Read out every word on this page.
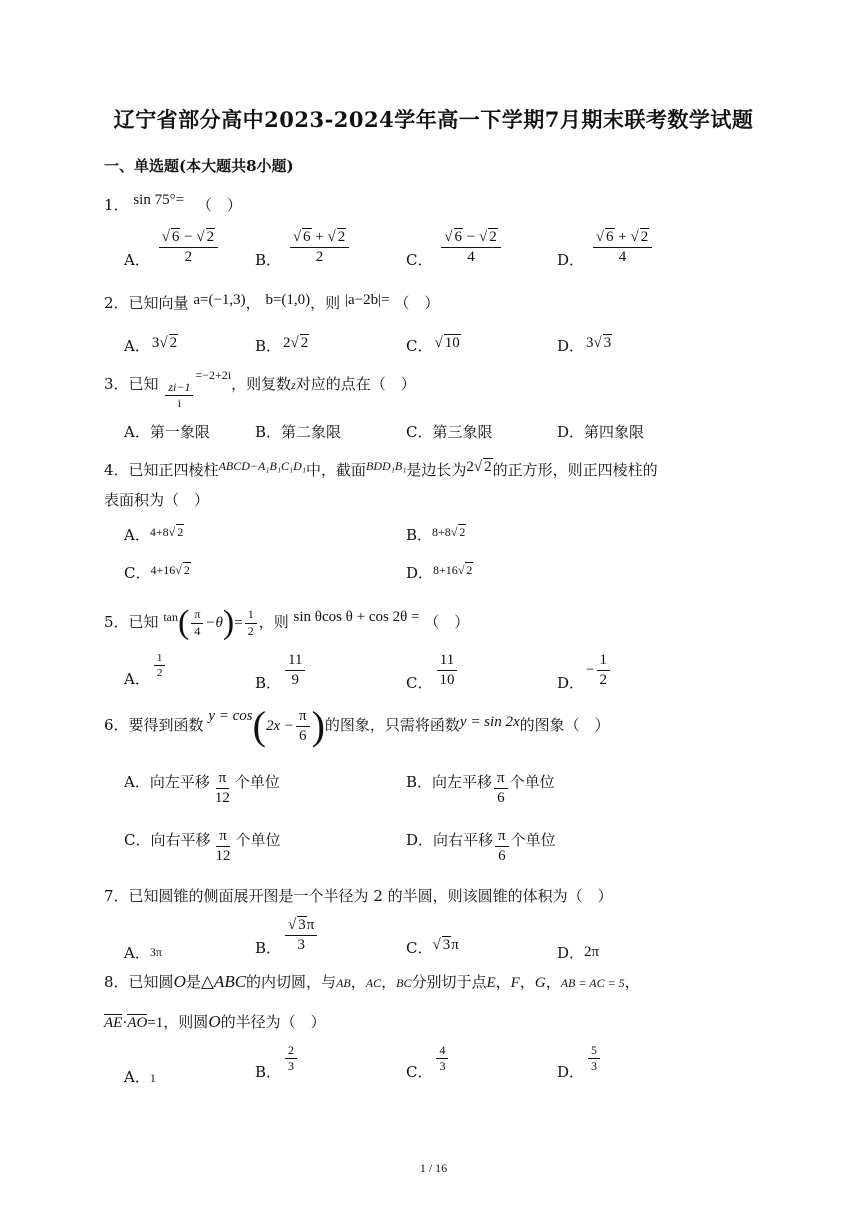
辽宁省部分高中2023-2024学年高一下学期7月期末联考数学试题
一、单选题(本大题共8小题)
1． sin 75°= （　）
A． $\frac{√ 6 - √ 2}{2}$ B． $\frac{√ 6 + √ 2}{2}$	C． $\frac{√ 6 - √ 2}{4}$	D． $\frac{√ 6 + √ 2}{4}$
2．已知向量 a=(−1,3)， b=(1,0)，则 |a−2b|= （　）
A． 3√ 2	B． 2√ 2	C． √ 10	D． 3√ 3
3．已知 $\frac{zi-1}{i}$
$^{=-2+2i}$，则复数z对应的点在（　）
A．第一象限	B．第二象限	C．第三象限	D．第四象限
4．已知正四棱柱$^{ABCD-A_1B_1C_1D_1}$中，截面$^{BDD_1B_1}$是边长为2√ 2的正方形，则正四棱柱的
表面积为（　）
A．$^{4+8√ 2}$	B．$^{8+8√ 2}$
C．$^{4+16√ 2}$	D．$^{8+16√ 2}$
5．已知 $^{tan}( \frac{\pi}{4} -\theta)= \frac{1}{2}$ ，则 sin θcos θ + cos 2θ = （　）
A． $\frac{1}{2}$
B． $\frac{11}{9}$	C． $\frac{11}{10}$	D．− $\frac{1}{2}$
6．要得到函数 $y = \cos(2x - \frac{\pi}{6}$ )的图象，只需将函数y = sin 2x的图象（　）
A．向左平移 $\frac{\pi}{12}$ 个单位	B．向左平移 $\frac{\pi}{6}$ 个单位
C．向右平移 $\frac{\pi}{12}$ 个单位	D．向右平移 $\frac{\pi}{6}$ 个单位
7．已知圆锥的侧面展开图是一个半径为 2 的半圆，则该圆锥的体积为（　）
A．3π	B． $\frac{√ 3\pi}{3}$	C．√ 3π	D．2π
8．已知圆O是△ABC的内切圆，与AB，AC，BC分别切于点E，F，G，AB = AC = 5，
AE·AO=1，则圆O的半径为（　）
A．1	B． $\frac{2}{3}$	C． $\frac{4}{3}$	D． $\frac{5}{3}$
1 / 16
